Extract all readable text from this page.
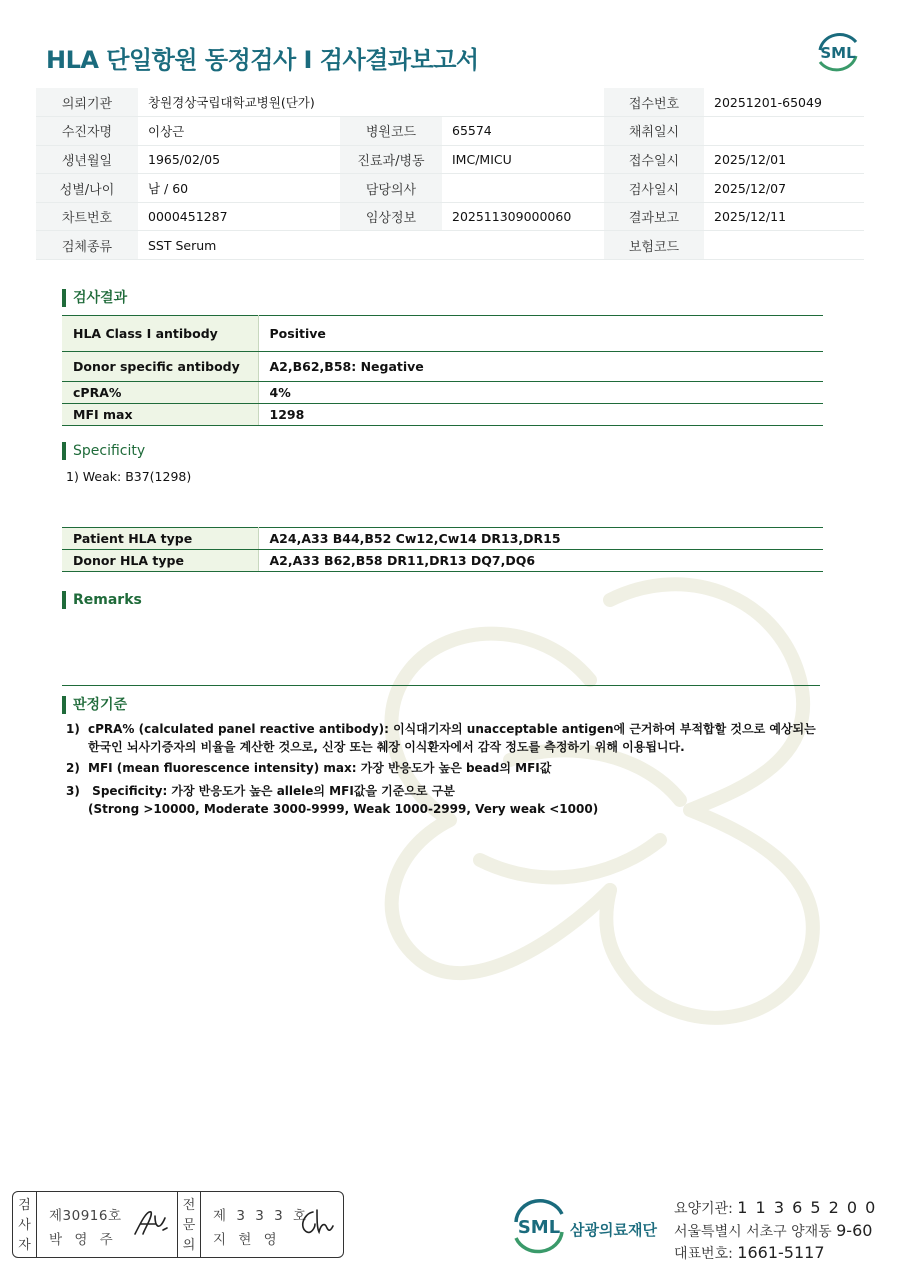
HLA 단일항원 동정검사 I 검사결과보고서	SML
의뢰기관	창원경상국립대학교병원(단가)			접수번호	20251201-65049
수진자명	이상근	병원코드	65574	채취일시	
생년월일	1965/02/05	진료과/병동	IMC/MICU	접수일시	2025/12/01
성별/나이	남 / 60	담당의사		검사일시	2025/12/07
차트번호	0000451287	임상정보	202511309000060	결과보고	2025/12/11
검체종류	SST Serum			보험코드	
검사결과
HLA Class I antibody	Positive
Donor specific antibody	A2,B62,B58: Negative
cPRA%	4%
MFI max	1298
Specificity
1) Weak: B37(1298)
Patient HLA type	A24,A33 B44,B52 Cw12,Cw14 DR13,DR15
Donor HLA type	A2,A33 B62,B58 DR11,DR13 DQ7,DQ6
Remarks
판정기준
1) cPRA% (calculated panel reactive antibody): 이식대기자의 unacceptable antigen에 근거하여 부적합할 것으로 예상되는
한국인 뇌사기증자의 비율을 계산한 것으로, 신장 또는 췌장 이식환자에서 감작 정도를 측정하기 위해 이용됩니다.
2) MFI (mean fluorescence intensity) max: 가장 반응도가 높은 bead의 MFI값
3) Specificity: 가장 반응도가 높은 allele의 MFI값을 기준으로 구분
(Strong >10000, Moderate 3000-9999, Weak 1000-2999, Very weak <1000)
검
사
자
제30916호
박 영 주
전
문
의
제 3 3 3 호
지 현 영
SML 삼광의료재단
요양기관: 1 1 3 6 5 2 0 0
서울특별시 서초구 양재동 9-60
대표번호: 1661-5117
